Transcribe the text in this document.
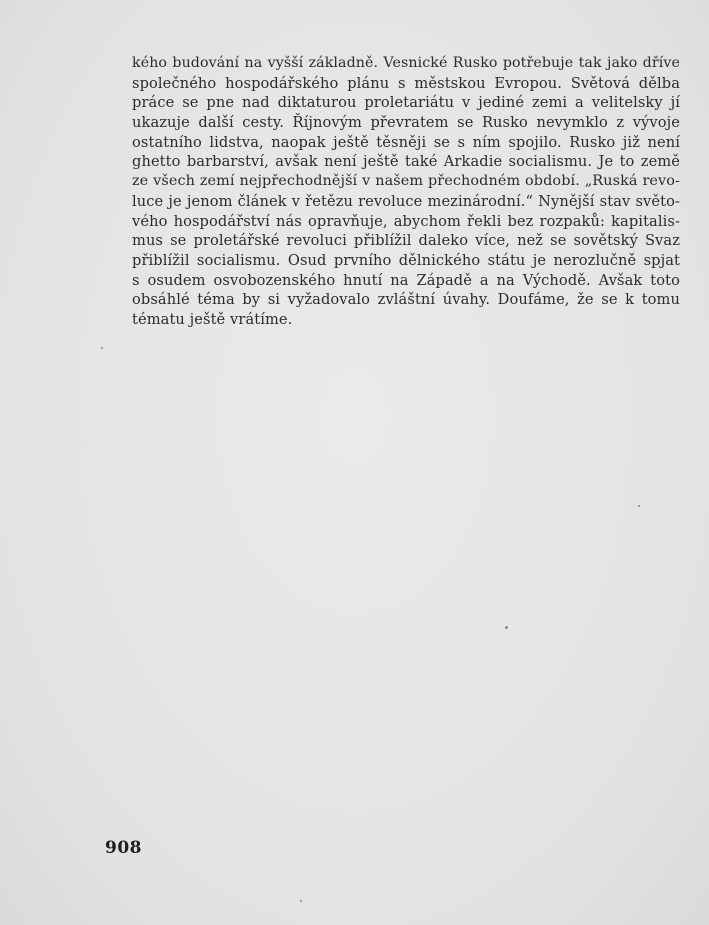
kého budování na vyšší základně. Vesnické Rusko potřebuje tak jako dříve
společného hospodářského plánu s městskou Evropou. Světová dělba
práce se pne nad diktaturou proletariátu v jediné zemi a velitelsky jí
ukazuje další cesty. Říjnovým převratem se Rusko nevymklo z vývoje
ostatního lidstva, naopak ještě těsněji se s ním spojilo. Rusko již není
ghetto barbarství, avšak není ještě také Arkadie socialismu. Je to země
ze všech zemí nejpřechodnější v našem přechodném období. „Ruská revo-
luce je jenom článek v řetězu revoluce mezinárodní.“ Nynější stav světo-
vého hospodářství nás opravňuje, abychom řekli bez rozpaků: kapitalis-
mus se proletářské revoluci přiblížil daleko více, než se sovětský Svaz
přiblížil socialismu. Osud prvního dělnického státu je nerozlučně spjat
s osudem osvobozenského hnutí na Západě a na Východě. Avšak toto
obsáhlé téma by si vyžadovalo zvláštní úvahy. Doufáme, že se k tomu
tématu ještě vrátíme.
908
